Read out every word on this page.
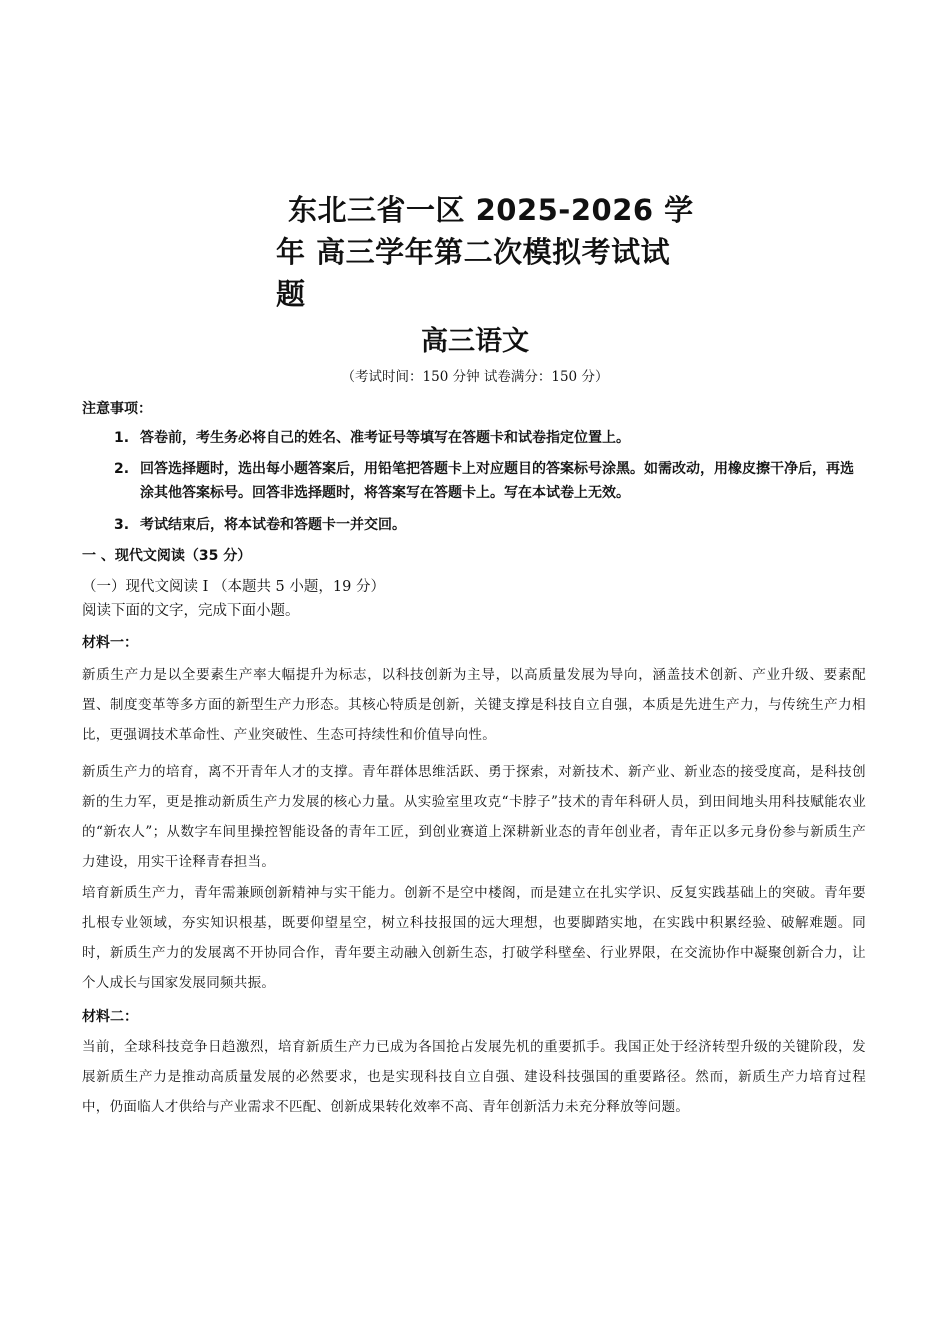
东北三省一区 2025-2026 学
年 高三学年第二次模拟考试试
题
高三语文
（考试时间：150 分钟 试卷满分：150 分）
注意事项：
1. 答卷前，考生务必将自己的姓名、准考证号等填写在答题卡和试卷指定位置上。
2. 回答选择题时，选出每小题答案后，用铅笔把答题卡上对应题目的答案标号涂黑。如需改动，用橡皮擦干净后，再选涂其他答案标号。回答非选择题时，将答案写在答题卡上。写在本试卷上无效。
3. 考试结束后，将本试卷和答题卡一并交回。
一 、现代文阅读（35 分）
（一）现代文阅读 I （本题共 5 小题，19 分）阅读下面的文字，完成下面小题。
材料一：
新质生产力是以全要素生产率大幅提升为标志，以科技创新为主导，以高质量发展为导向，涵盖技术创新、产业升级、要素配置、制度变革等多方面的新型生产力形态。其核心特质是创新，关键支撑是科技自立自强，本质是先进生产力，与传统生产力相比，更强调技术革命性、产业突破性、生态可持续性和价值导向性。
新质生产力的培育，离不开青年人才的支撑。青年群体思维活跃、勇于探索，对新技术、新产业、新业态的接受度高，是科技创新的生力军，更是推动新质生产力发展的核心力量。从实验室里攻克“卡脖子”技术的青年科研人员，到田间地头用科技赋能农业的“新农人”；从数字车间里操控智能设备的青年工匠，到创业赛道上深耕新业态的青年创业者，青年正以多元身份参与新质生产力建设，用实干诠释青春担当。
培育新质生产力，青年需兼顾创新精神与实干能力。创新不是空中楼阁，而是建立在扎实学识、反复实践基础上的突破。青年要扎根专业领域，夯实知识根基，既要仰望星空，树立科技报国的远大理想，也要脚踏实地，在实践中积累经验、破解难题。同时，新质生产力的发展离不开协同合作，青年要主动融入创新生态，打破学科壁垒、行业界限，在交流协作中凝聚创新合力，让个人成长与国家发展同频共振。
材料二：
当前，全球科技竞争日趋激烈，培育新质生产力已成为各国抢占发展先机的重要抓手。我国正处于经济转型升级的关键阶段，发展新质生产力是推动高质量发展的必然要求，也是实现科技自立自强、建设科技强国的重要路径。然而，新质生产力培育过程中，仍面临人才供给与产业需求不匹配、创新成果转化效率不高、青年创新活力未充分释放等问题。
